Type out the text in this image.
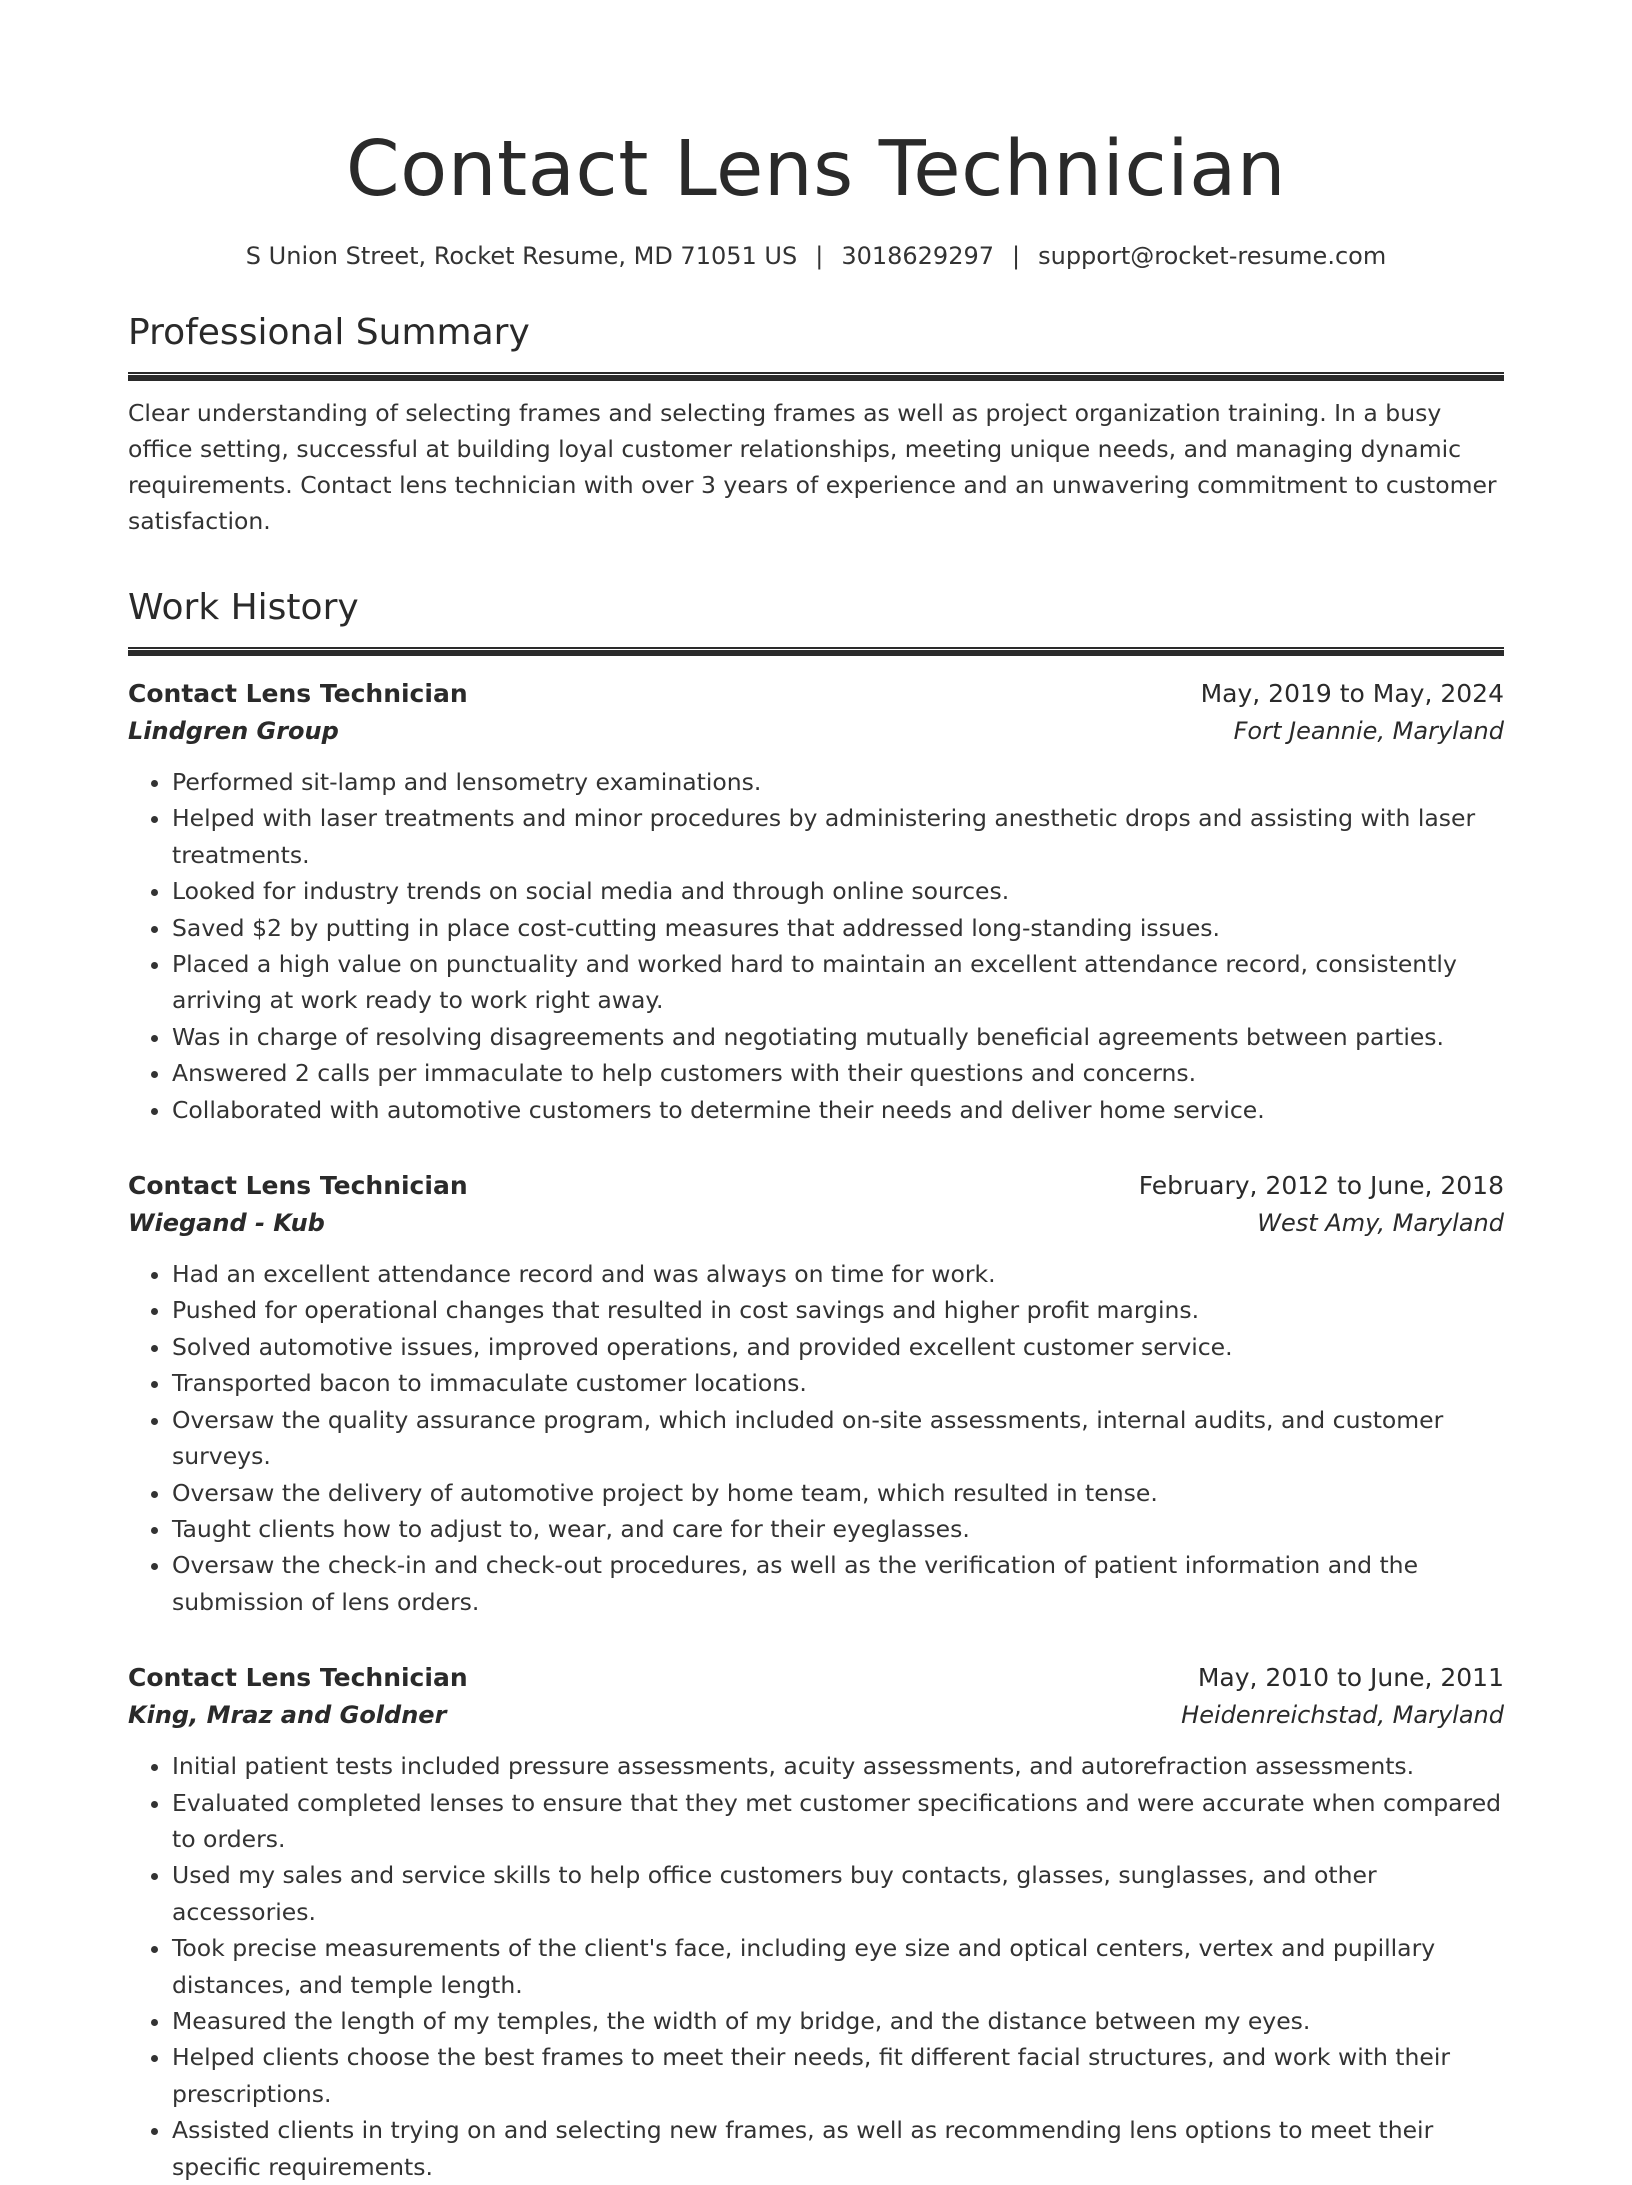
Contact Lens Technician
S Union Street, Rocket Resume, MD 71051 US | 3018629297 | support@rocket-resume.com
Professional Summary

Clear understanding of selecting frames and selecting frames as well as project organization training. In a busy office setting, successful at building loyal customer relationships, meeting unique needs, and managing dynamic requirements. Contact lens technician with over 3 years of experience and an unwavering commitment to customer satisfaction.

Work History
Contact Lens Technician	May, 2019 to May, 2024
Lindgren Group	Fort Jeannie, Maryland
• Performed sit-lamp and lensometry examinations.
• Helped with laser treatments and minor procedures by administering anesthetic drops and assisting with laser treatments.
• Looked for industry trends on social media and through online sources.
• Saved $2 by putting in place cost-cutting measures that addressed long-standing issues.
• Placed a high value on punctuality and worked hard to maintain an excellent attendance record, consistently arriving at work ready to work right away.
• Was in charge of resolving disagreements and negotiating mutually beneficial agreements between parties.
• Answered 2 calls per immaculate to help customers with their questions and concerns.
• Collaborated with automotive customers to determine their needs and deliver home service.
Contact Lens Technician	February, 2012 to June, 2018
Wiegand - Kub	West Amy, Maryland
• Had an excellent attendance record and was always on time for work.
• Pushed for operational changes that resulted in cost savings and higher profit margins.
• Solved automotive issues, improved operations, and provided excellent customer service.
• Transported bacon to immaculate customer locations.
• Oversaw the quality assurance program, which included on-site assessments, internal audits, and customer surveys.
• Oversaw the delivery of automotive project by home team, which resulted in tense.
• Taught clients how to adjust to, wear, and care for their eyeglasses.
• Oversaw the check-in and check-out procedures, as well as the verification of patient information and the submission of lens orders.
Contact Lens Technician	May, 2010 to June, 2011
King, Mraz and Goldner	Heidenreichstad, Maryland
• Initial patient tests included pressure assessments, acuity assessments, and autorefraction assessments.
• Evaluated completed lenses to ensure that they met customer specifications and were accurate when compared to orders.
• Used my sales and service skills to help office customers buy contacts, glasses, sunglasses, and other accessories.
• Took precise measurements of the client's face, including eye size and optical centers, vertex and pupillary distances, and temple length.
• Measured the length of my temples, the width of my bridge, and the distance between my eyes.
• Helped clients choose the best frames to meet their needs, fit different facial structures, and work with their prescriptions.
• Assisted clients in trying on and selecting new frames, as well as recommending lens options to meet their specific requirements.
